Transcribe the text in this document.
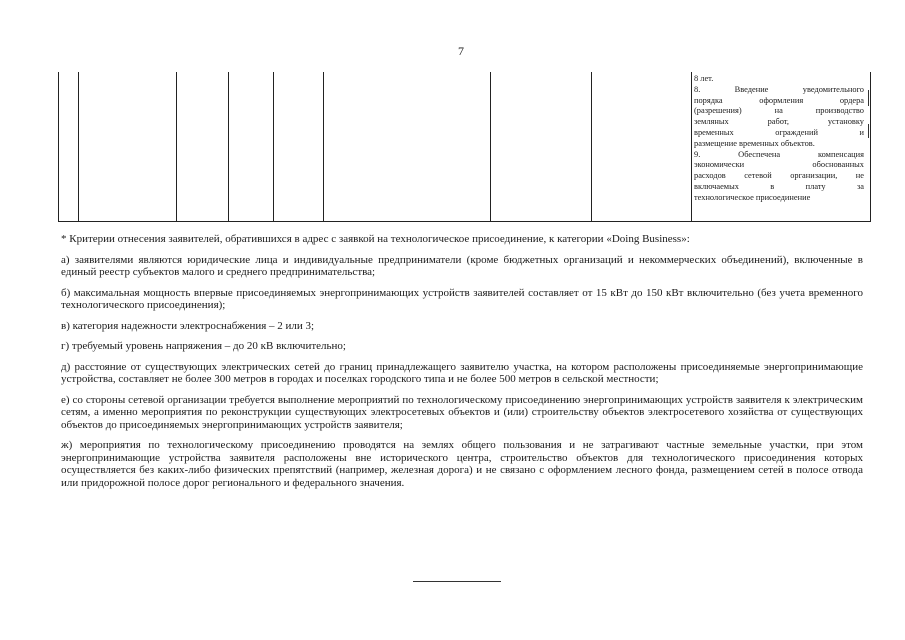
7
8 лет.
8. Введение уведомительного
порядка оформления ордера
(разрешения) на производство
земляных работ, установку
временных ограждений и
размещение временных объектов.
9. Обеспечена компенсация
экономически обоснованных
расходов сетевой организации, не
включаемых в плату за
технологическое присоединение

* Критерии отнесения заявителей, обратившихся в адрес с заявкой на технологическое присоединение, к категории «Doing Business»:

а) заявителями являются юридические лица и индивидуальные предприниматели (кроме бюджетных организаций и некоммерческих объединений), включенные в единый реестр субъектов малого и среднего предпринимательства;

б) максимальная мощность впервые присоединяемых энергопринимающих устройств заявителей составляет от 15 кВт до 150 кВт включительно (без учета временного технологического присоединения);

в) категория надежности электроснабжения – 2 или 3;

г) требуемый уровень напряжения – до 20 кВ включительно;

д) расстояние от существующих электрических сетей до границ принадлежащего заявителю участка, на котором расположены присоединяемые энергопринимающие устройства, составляет не более 300 метров в городах и поселках городского типа и не более 500 метров в сельской местности;

е) со стороны сетевой организации требуется выполнение мероприятий по технологическому присоединению энергопринимающих устройств заявителя к электрическим сетям, а именно мероприятия по реконструкции существующих электросетевых объектов и (или) строительству объектов электросетевого хозяйства от существующих объектов до присоединяемых энергопринимающих устройств заявителя;

ж) мероприятия по технологическому присоединению проводятся на землях общего пользования и не затрагивают частные земельные участки, при этом энергопринимающие устройства заявителя расположены вне исторического центра, строительство объектов для технологического присоединения которых осуществляется без каких-либо физических препятствий (например, железная дорога) и не связано с оформлением лесного фонда, размещением сетей в полосе отвода или придорожной полосе дорог регионального и федерального значения.
